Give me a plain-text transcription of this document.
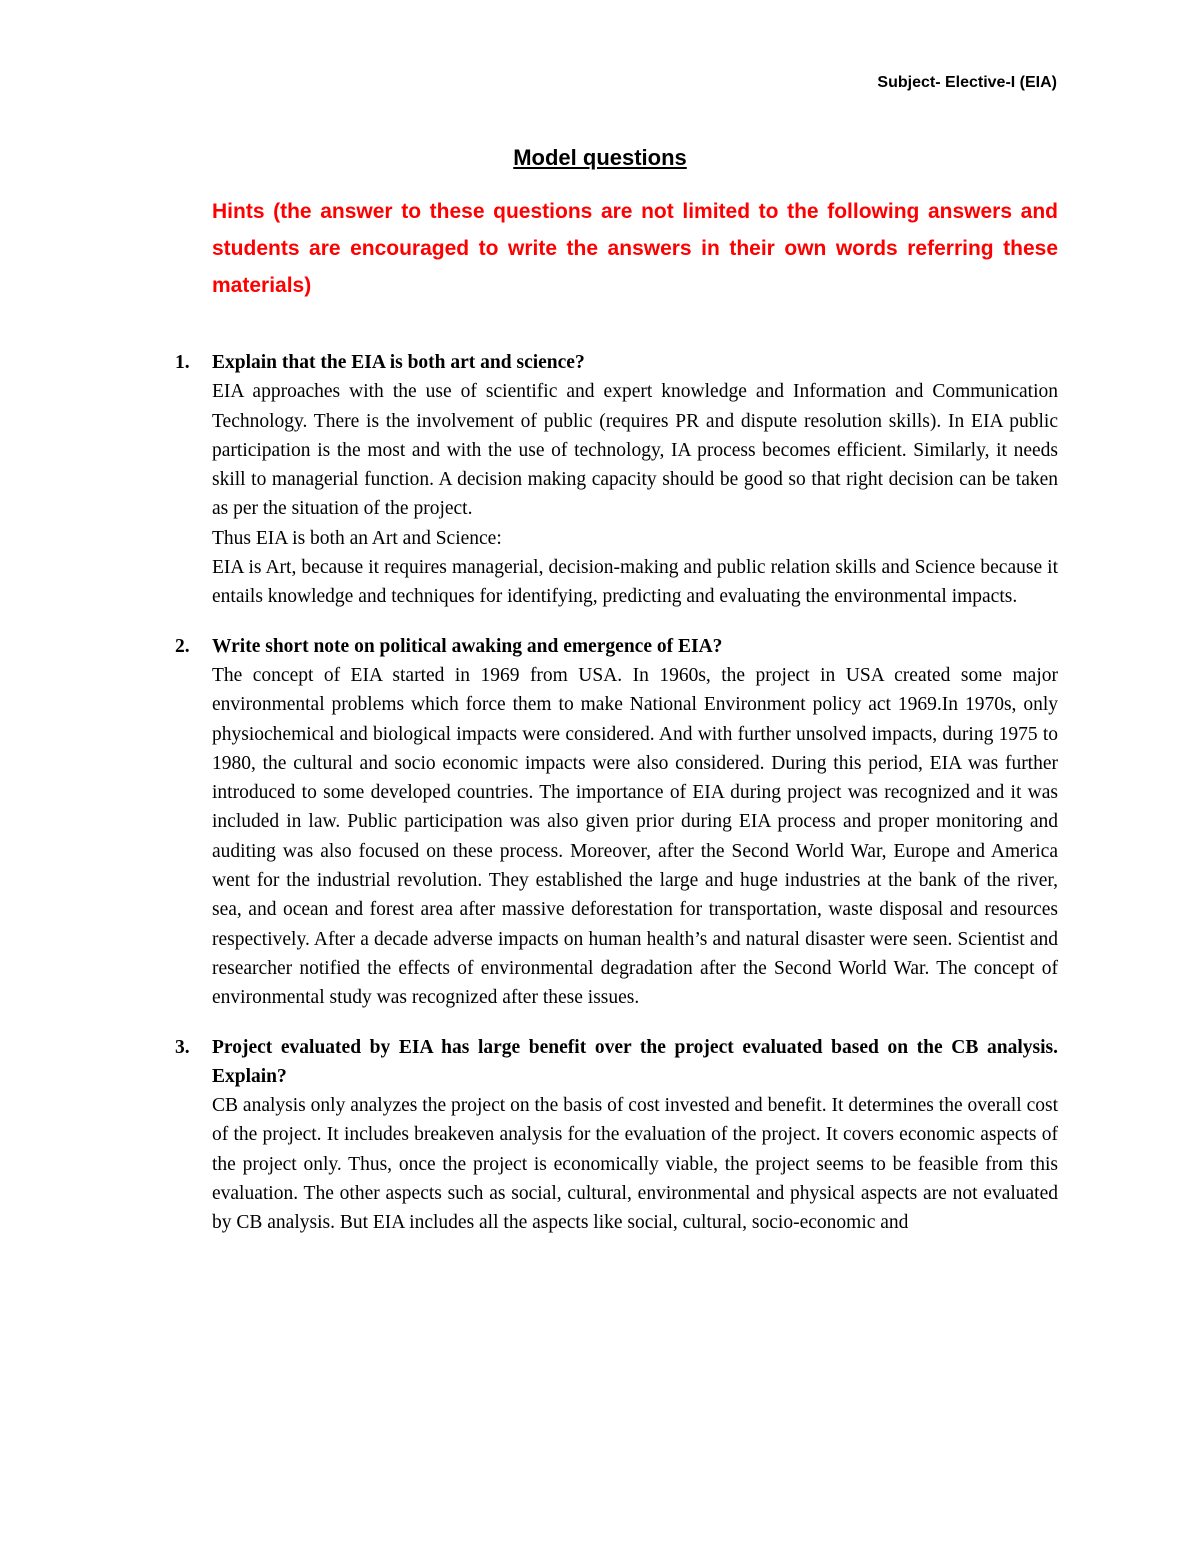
Subject- Elective-I (EIA)
Model questions

Hints (the answer to these questions are not limited to the following answers and students are encouraged to write the answers in their own words referring these materials)

1. Explain that the EIA is both art and science?

EIA approaches with the use of scientific and expert knowledge and Information and Communication Technology. There is the involvement of public (requires PR and dispute resolution skills). In EIA public participation is the most and with the use of technology, IA process becomes efficient. Similarly, it needs skill to managerial function. A decision making capacity should be good so that right decision can be taken as per the situation of the project.

Thus EIA is both an Art and Science:

EIA is Art, because it requires managerial, decision-making and public relation skills and Science because it entails knowledge and techniques for identifying, predicting and evaluating the environmental impacts.

2. Write short note on political awaking and emergence of EIA?

The concept of EIA started in 1969 from USA. In 1960s, the project in USA created some major environmental problems which force them to make National Environment policy act 1969.In 1970s, only physiochemical and biological impacts were considered. And with further unsolved impacts, during 1975 to 1980, the cultural and socio economic impacts were also considered. During this period, EIA was further introduced to some developed countries. The importance of EIA during project was recognized and it was included in law. Public participation was also given prior during EIA process and proper monitoring and auditing was also focused on these process. Moreover, after the Second World War, Europe and America went for the industrial revolution. They established the large and huge industries at the bank of the river, sea, and ocean and forest area after massive deforestation for transportation, waste disposal and resources respectively. After a decade adverse impacts on human health’s and natural disaster were seen. Scientist and researcher notified the effects of environmental degradation after the Second World War. The concept of environmental study was recognized after these issues.

3. Project evaluated by EIA has large benefit over the project evaluated based on the CB analysis. Explain?

CB analysis only analyzes the project on the basis of cost invested and benefit. It determines the overall cost of the project. It includes breakeven analysis for the evaluation of the project. It covers economic aspects of the project only. Thus, once the project is economically viable, the project seems to be feasible from this evaluation. The other aspects such as social, cultural, environmental and physical aspects are not evaluated by CB analysis. But EIA includes all the aspects like social, cultural, socio-economic and
